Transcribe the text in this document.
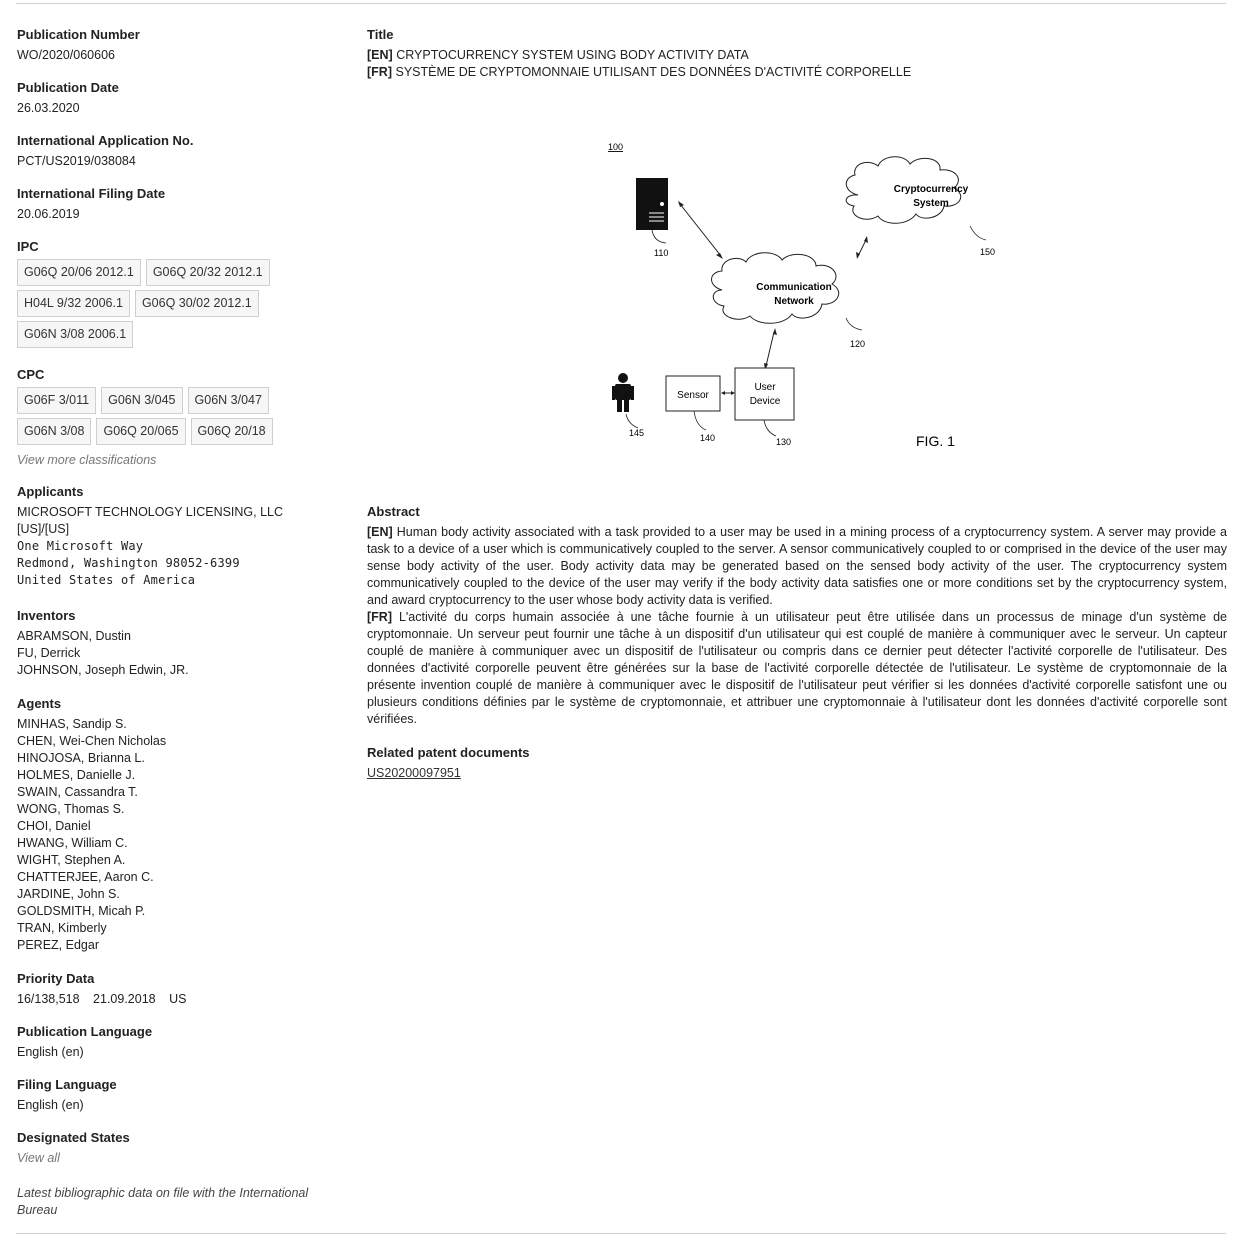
Publication Number
WO/2020/060606
Publication Date
26.03.2020
International Application No.
PCT/US2019/038084
International Filing Date
20.06.2019
IPC
G06Q 20/06 2012.1	G06Q 20/32 2012.1
H04L 9/32 2006.1	G06Q 30/02 2012.1
G06N 3/08 2006.1
CPC
G06F 3/011	G06N 3/045	G06N 3/047
G06N 3/08	G06Q 20/065	G06Q 20/18
View more classifications
Applicants
MICROSOFT TECHNOLOGY LICENSING, LLC
[US]/[US]
One Microsoft Way
Redmond, Washington 98052-6399
United States of America
Inventors
ABRAMSON, Dustin
FU, Derrick
JOHNSON, Joseph Edwin, JR.
Agents
MINHAS, Sandip S.
CHEN, Wei-Chen Nicholas
HINOJOSA, Brianna L.
HOLMES, Danielle J.
SWAIN, Cassandra T.
WONG, Thomas S.
CHOI, Daniel
HWANG, William C.
WIGHT, Stephen A.
CHATTERJEE, Aaron C.
JARDINE, John S.
GOLDSMITH, Micah P.
TRAN, Kimberly
PEREZ, Edgar
Priority Data
16/138,518 21.09.2018 US
Publication Language
English (en)
Filing Language
English (en)
Designated States
View all
Latest bibliographic data on file with the International Bureau
Title
[EN] CRYPTOCURRENCY SYSTEM USING BODY ACTIVITY DATA
[FR] SYSTÈME DE CRYPTOMONNAIE UTILISANT DES DONNÉES D'ACTIVITÉ CORPORELLE
100
110
Cryptocurrency
System
150
Communication
Network
120
145
Sensor
140
User
Device
130	FIG. 1
Abstract
[EN] Human body activity associated with a task provided to a user may be used in a mining process of a cryptocurrency system. A server may provide a task to a device of a user which is communicatively coupled to the server. A sensor communicatively coupled to or comprised in the device of the user may sense body activity of the user. Body activity data may be generated based on the sensed body activity of the user. The cryptocurrency system communicatively coupled to the device of the user may verify if the body activity data satisfies one or more conditions set by the cryptocurrency system, and award cryptocurrency to the user whose body activity data is verified.
[FR] L'activité du corps humain associée à une tâche fournie à un utilisateur peut être utilisée dans un processus de minage d'un système de cryptomonnaie. Un serveur peut fournir une tâche à un dispositif d'un utilisateur qui est couplé de manière à communiquer avec le serveur. Un capteur couplé de manière à communiquer avec un dispositif de l'utilisateur ou compris dans ce dernier peut détecter l'activité corporelle de l'utilisateur. Des données d'activité corporelle peuvent être générées sur la base de l'activité corporelle détectée de l'utilisateur. Le système de cryptomonnaie de la présente invention couplé de manière à communiquer avec le dispositif de l'utilisateur peut vérifier si les données d'activité corporelle satisfont une ou plusieurs conditions définies par le système de cryptomonnaie, et attribuer une cryptomonnaie à l'utilisateur dont les données d'activité corporelle sont vérifiées.
Related patent documents
US20200097951
